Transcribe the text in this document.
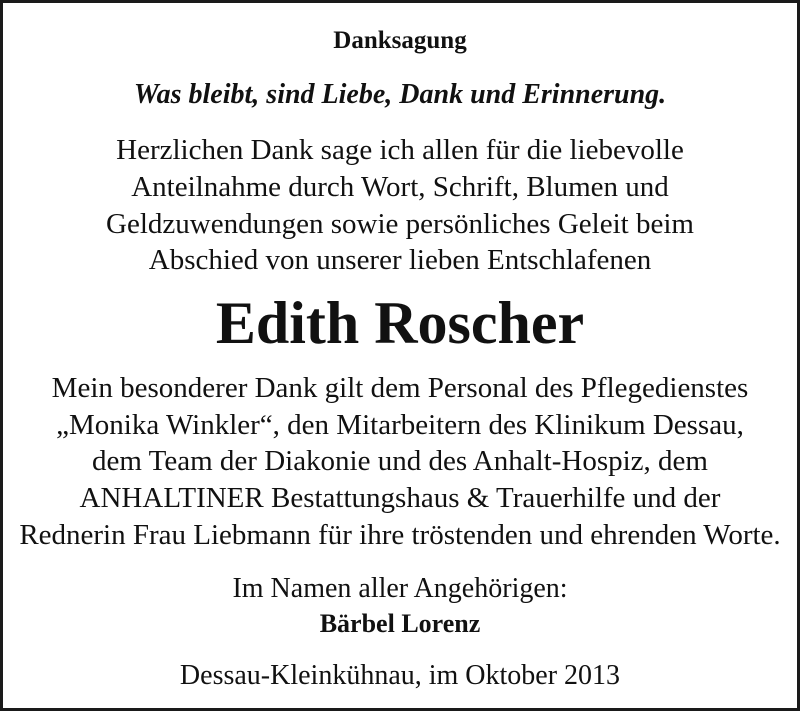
Danksagung
Was bleibt, sind Liebe, Dank und Erinnerung.
Herzlichen Dank sage ich allen für die liebevolle
Anteilnahme durch Wort, Schrift, Blumen und
Geldzuwendungen sowie persönliches Geleit beim
Abschied von unserer lieben Entschlafenen
Edith Roscher
Mein besonderer Dank gilt dem Personal des Pflegedienstes
„Monika Winkler“, den Mitarbeitern des Klinikum Dessau,
dem Team der Diakonie und des Anhalt-Hospiz, dem
ANHALTINER Bestattungshaus & Trauerhilfe und der
Rednerin Frau Liebmann für ihre tröstenden und ehrenden Worte.
Im Namen aller Angehörigen:
Bärbel Lorenz
Dessau-Kleinkühnau, im Oktober 2013
